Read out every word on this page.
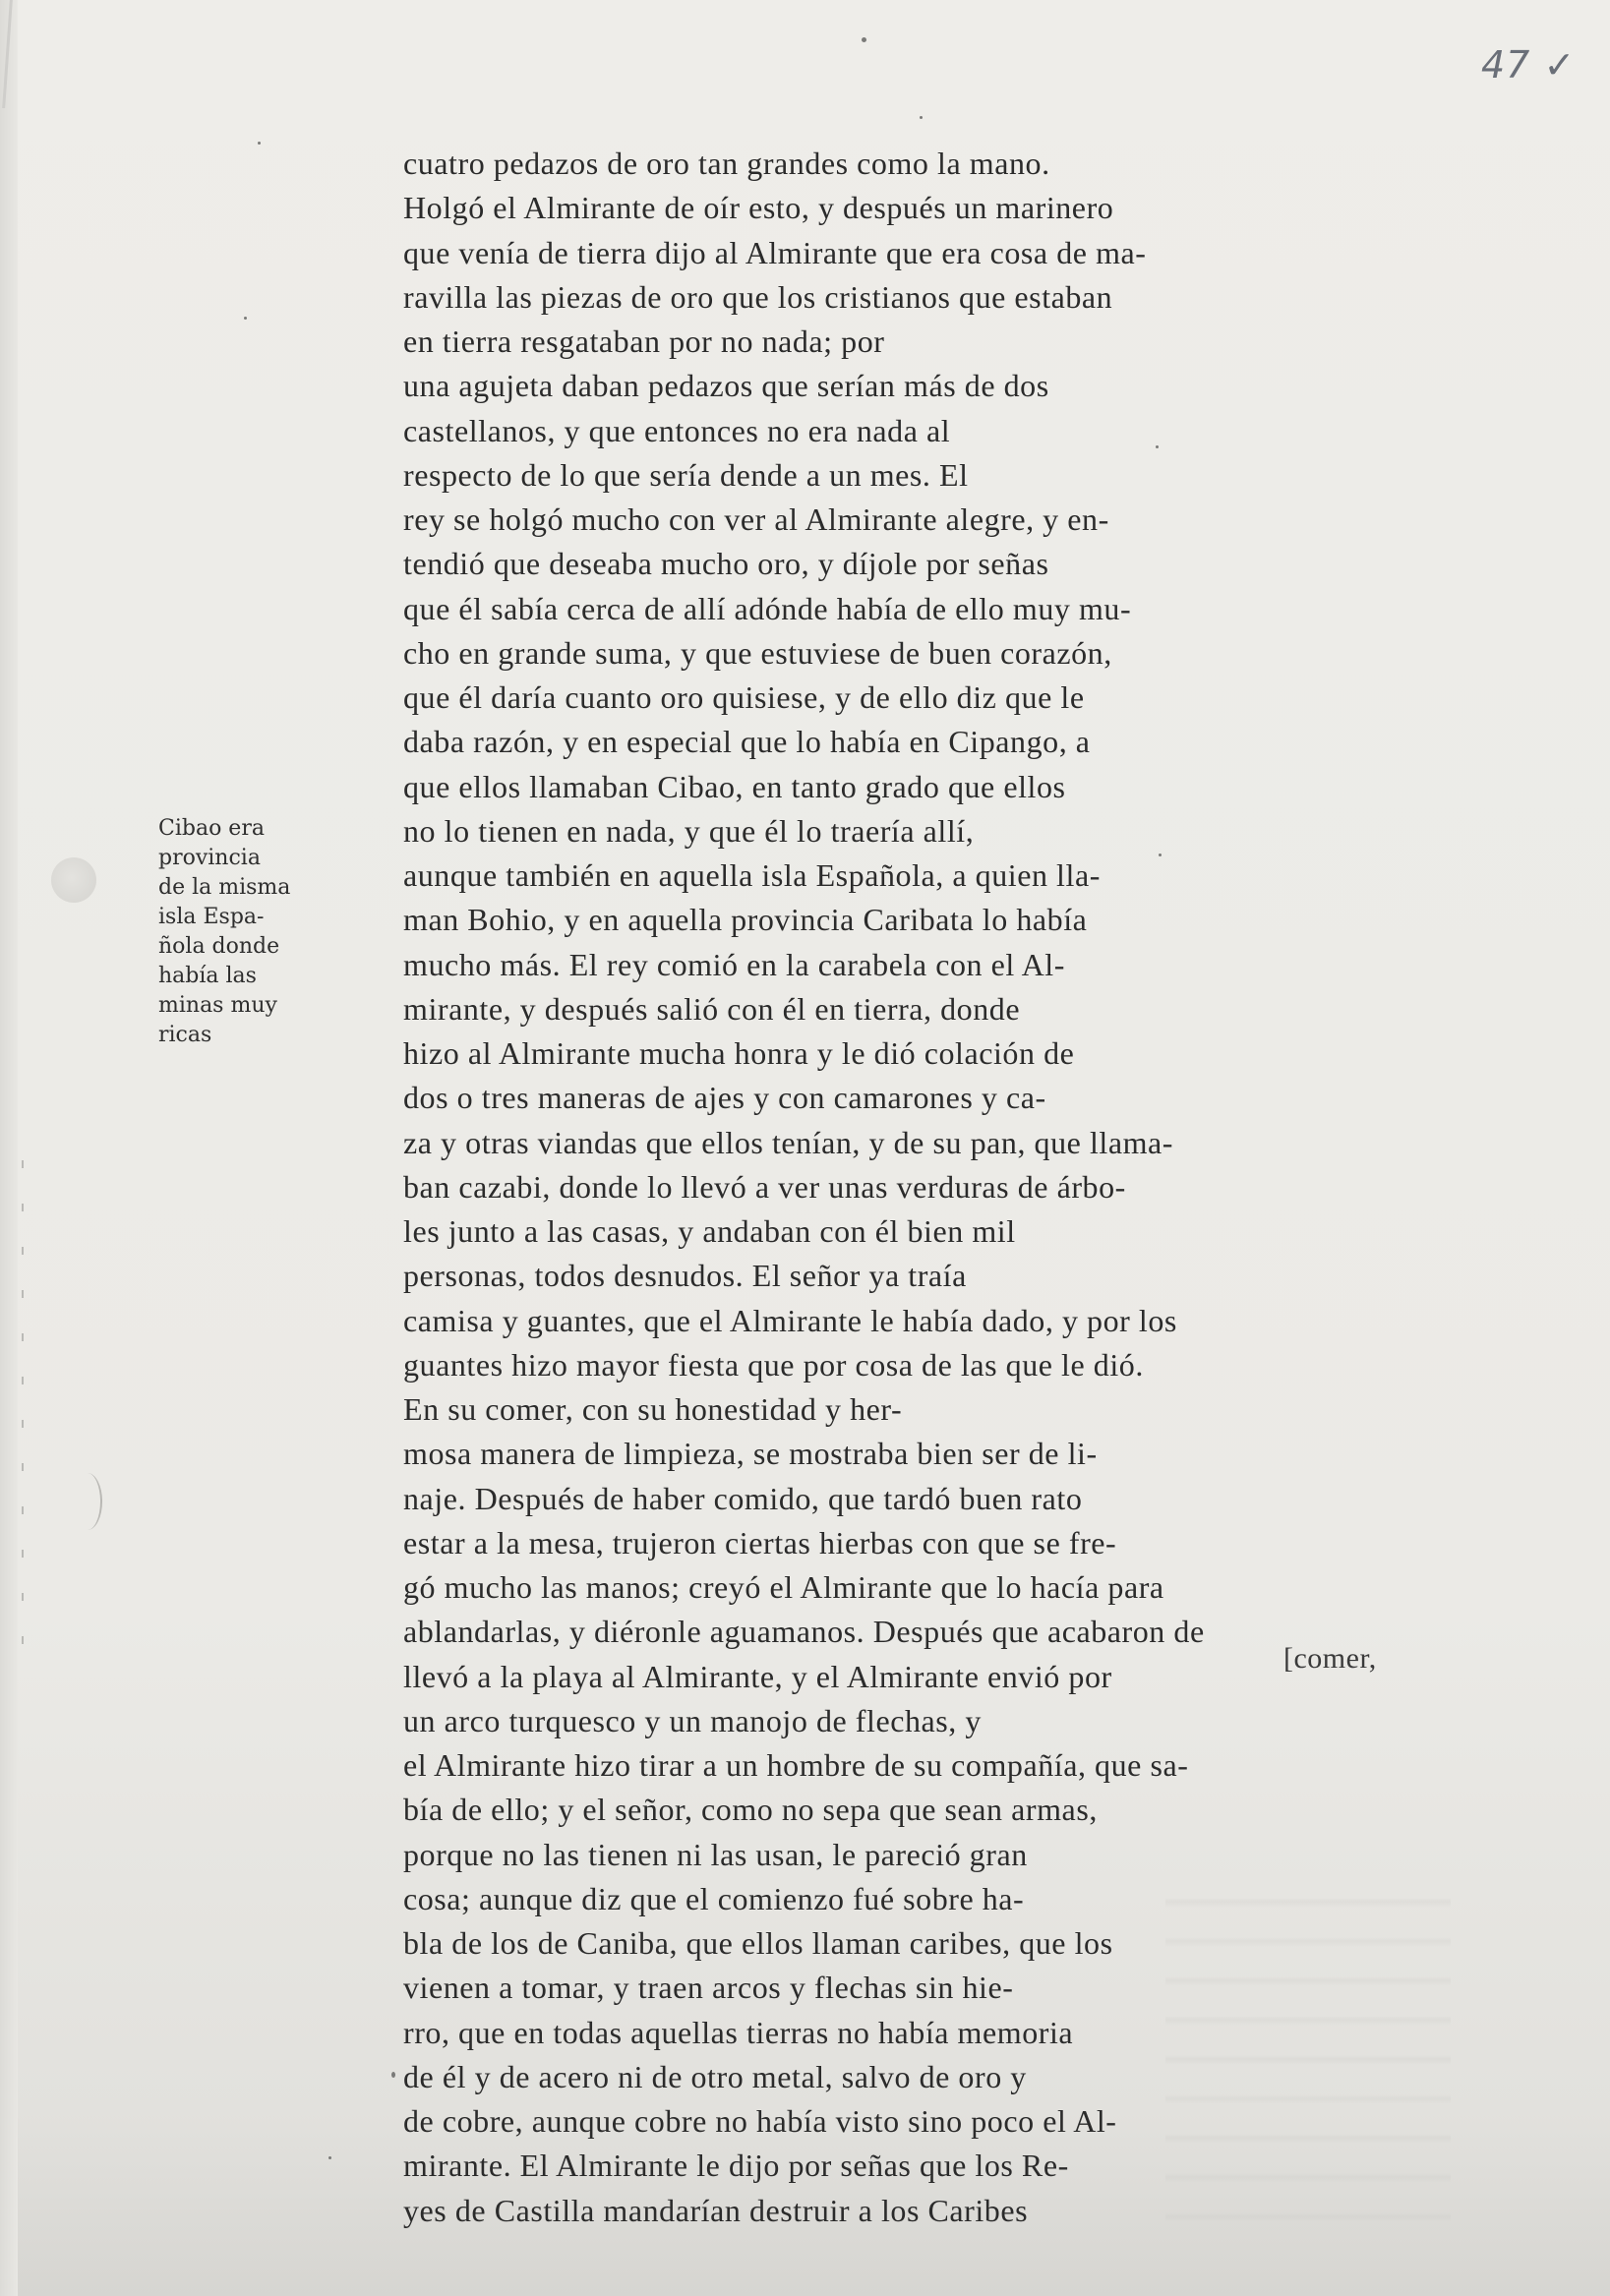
47 ✓
Cibao era
provincia
de la misma
isla Espa-
ñola donde
había las
minas muy
ricas
cuatro pedazos de oro tan grandes como la mano.
Holgó el Almirante de oír esto, y después un marinero
que venía de tierra dijo al Almirante que era cosa de ma-
ravilla las piezas de oro que los cristianos que estaban
en tierra resgataban por no nada; por
una agujeta daban pedazos que serían más de dos
castellanos, y que entonces no era nada al
respecto de lo que sería dende a un mes. El
rey se holgó mucho con ver al Almirante alegre, y en-
tendió que deseaba mucho oro, y díjole por señas
que él sabía cerca de allí adónde había de ello muy mu-
cho en grande suma, y que estuviese de buen corazón,
que él daría cuanto oro quisiese, y de ello diz que le
daba razón, y en especial que lo había en Cipango, a
que ellos llamaban Cibao, en tanto grado que ellos
no lo tienen en nada, y que él lo traería allí,
aunque también en aquella isla Española, a quien lla-
man Bohio, y en aquella provincia Caribata lo había
mucho más. El rey comió en la carabela con el Al-
mirante, y después salió con él en tierra, donde
hizo al Almirante mucha honra y le dió colación de
dos o tres maneras de ajes y con camarones y ca-
za y otras viandas que ellos tenían, y de su pan, que llama-
ban cazabi, donde lo llevó a ver unas verduras de árbo-
les junto a las casas, y andaban con él bien mil
personas, todos desnudos. El señor ya traía
camisa y guantes, que el Almirante le había dado, y por los
guantes hizo mayor fiesta que por cosa de las que le dió.
En su comer, con su honestidad y her-
mosa manera de limpieza, se mostraba bien ser de li-
naje. Después de haber comido, que tardó buen rato
estar a la mesa, trujeron ciertas hierbas con que se fre-
gó mucho las manos; creyó el Almirante que lo hacía para
ablandarlas, y diéronle aguamanos. Después que acabaron de
llevó a la playa al Almirante, y el Almirante envió por
un arco turquesco y un manojo de flechas, y
el Almirante hizo tirar a un hombre de su compañía, que sa-
bía de ello; y el señor, como no sepa que sean armas,
porque no las tienen ni las usan, le pareció gran
cosa; aunque diz que el comienzo fué sobre ha-
bla de los de Caniba, que ellos llaman caribes, que los
vienen a tomar, y traen arcos y flechas sin hie-
rro, que en todas aquellas tierras no había memoria
de él y de acero ni de otro metal, salvo de oro y
de cobre, aunque cobre no había visto sino poco el Al-
mirante. El Almirante le dijo por señas que los Re-
yes de Castilla mandarían destruir a los Caribes
[comer,
